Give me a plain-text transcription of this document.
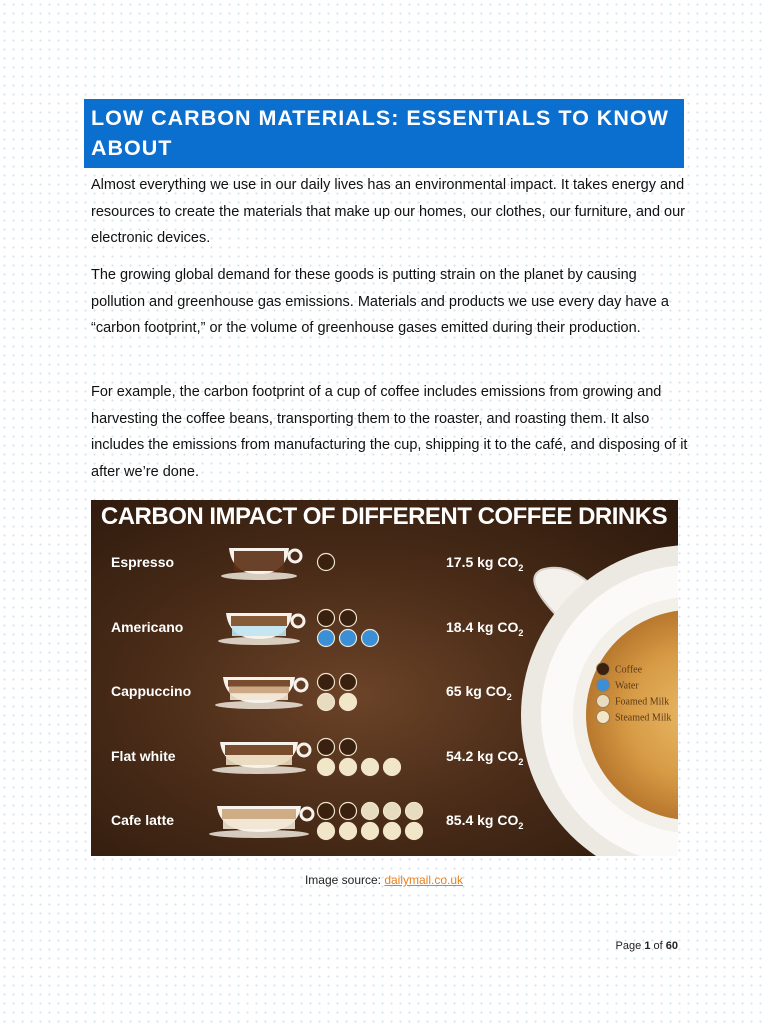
LOW CARBON MATERIALS: ESSENTIALS TO KNOW ABOUT

Almost everything we use in our daily lives has an environmental impact. It takes energy and resources to create the materials that make up our homes, our clothes, our furniture, and our electronic devices.

The growing global demand for these goods is putting strain on the planet by causing pollution and greenhouse gas emissions. Materials and products we use every day have a “carbon footprint,” or the volume of greenhouse gases emitted during their production.

For example, the carbon footprint of a cup of coffee includes emissions from growing and harvesting the coffee beans, transporting them to the roaster, and roasting them. It also includes the emissions from manufacturing the cup, shipping it to the café, and disposing of it after we’re done.

CARBON IMPACT OF DIFFERENT COFFEE DRINKS
Espresso	17.5 kg $CO_2$
Americano	18.4 kg $CO_2$
Cappuccino	65 kg $CO_2$
Flat white	54.2 kg $CO_2$
Cafe latte	85.4 kg $CO_2$
Coffee
Water
Foamed Milk
Steamed Milk
Image source: dailymail.co.uk
Page 1 of 60
